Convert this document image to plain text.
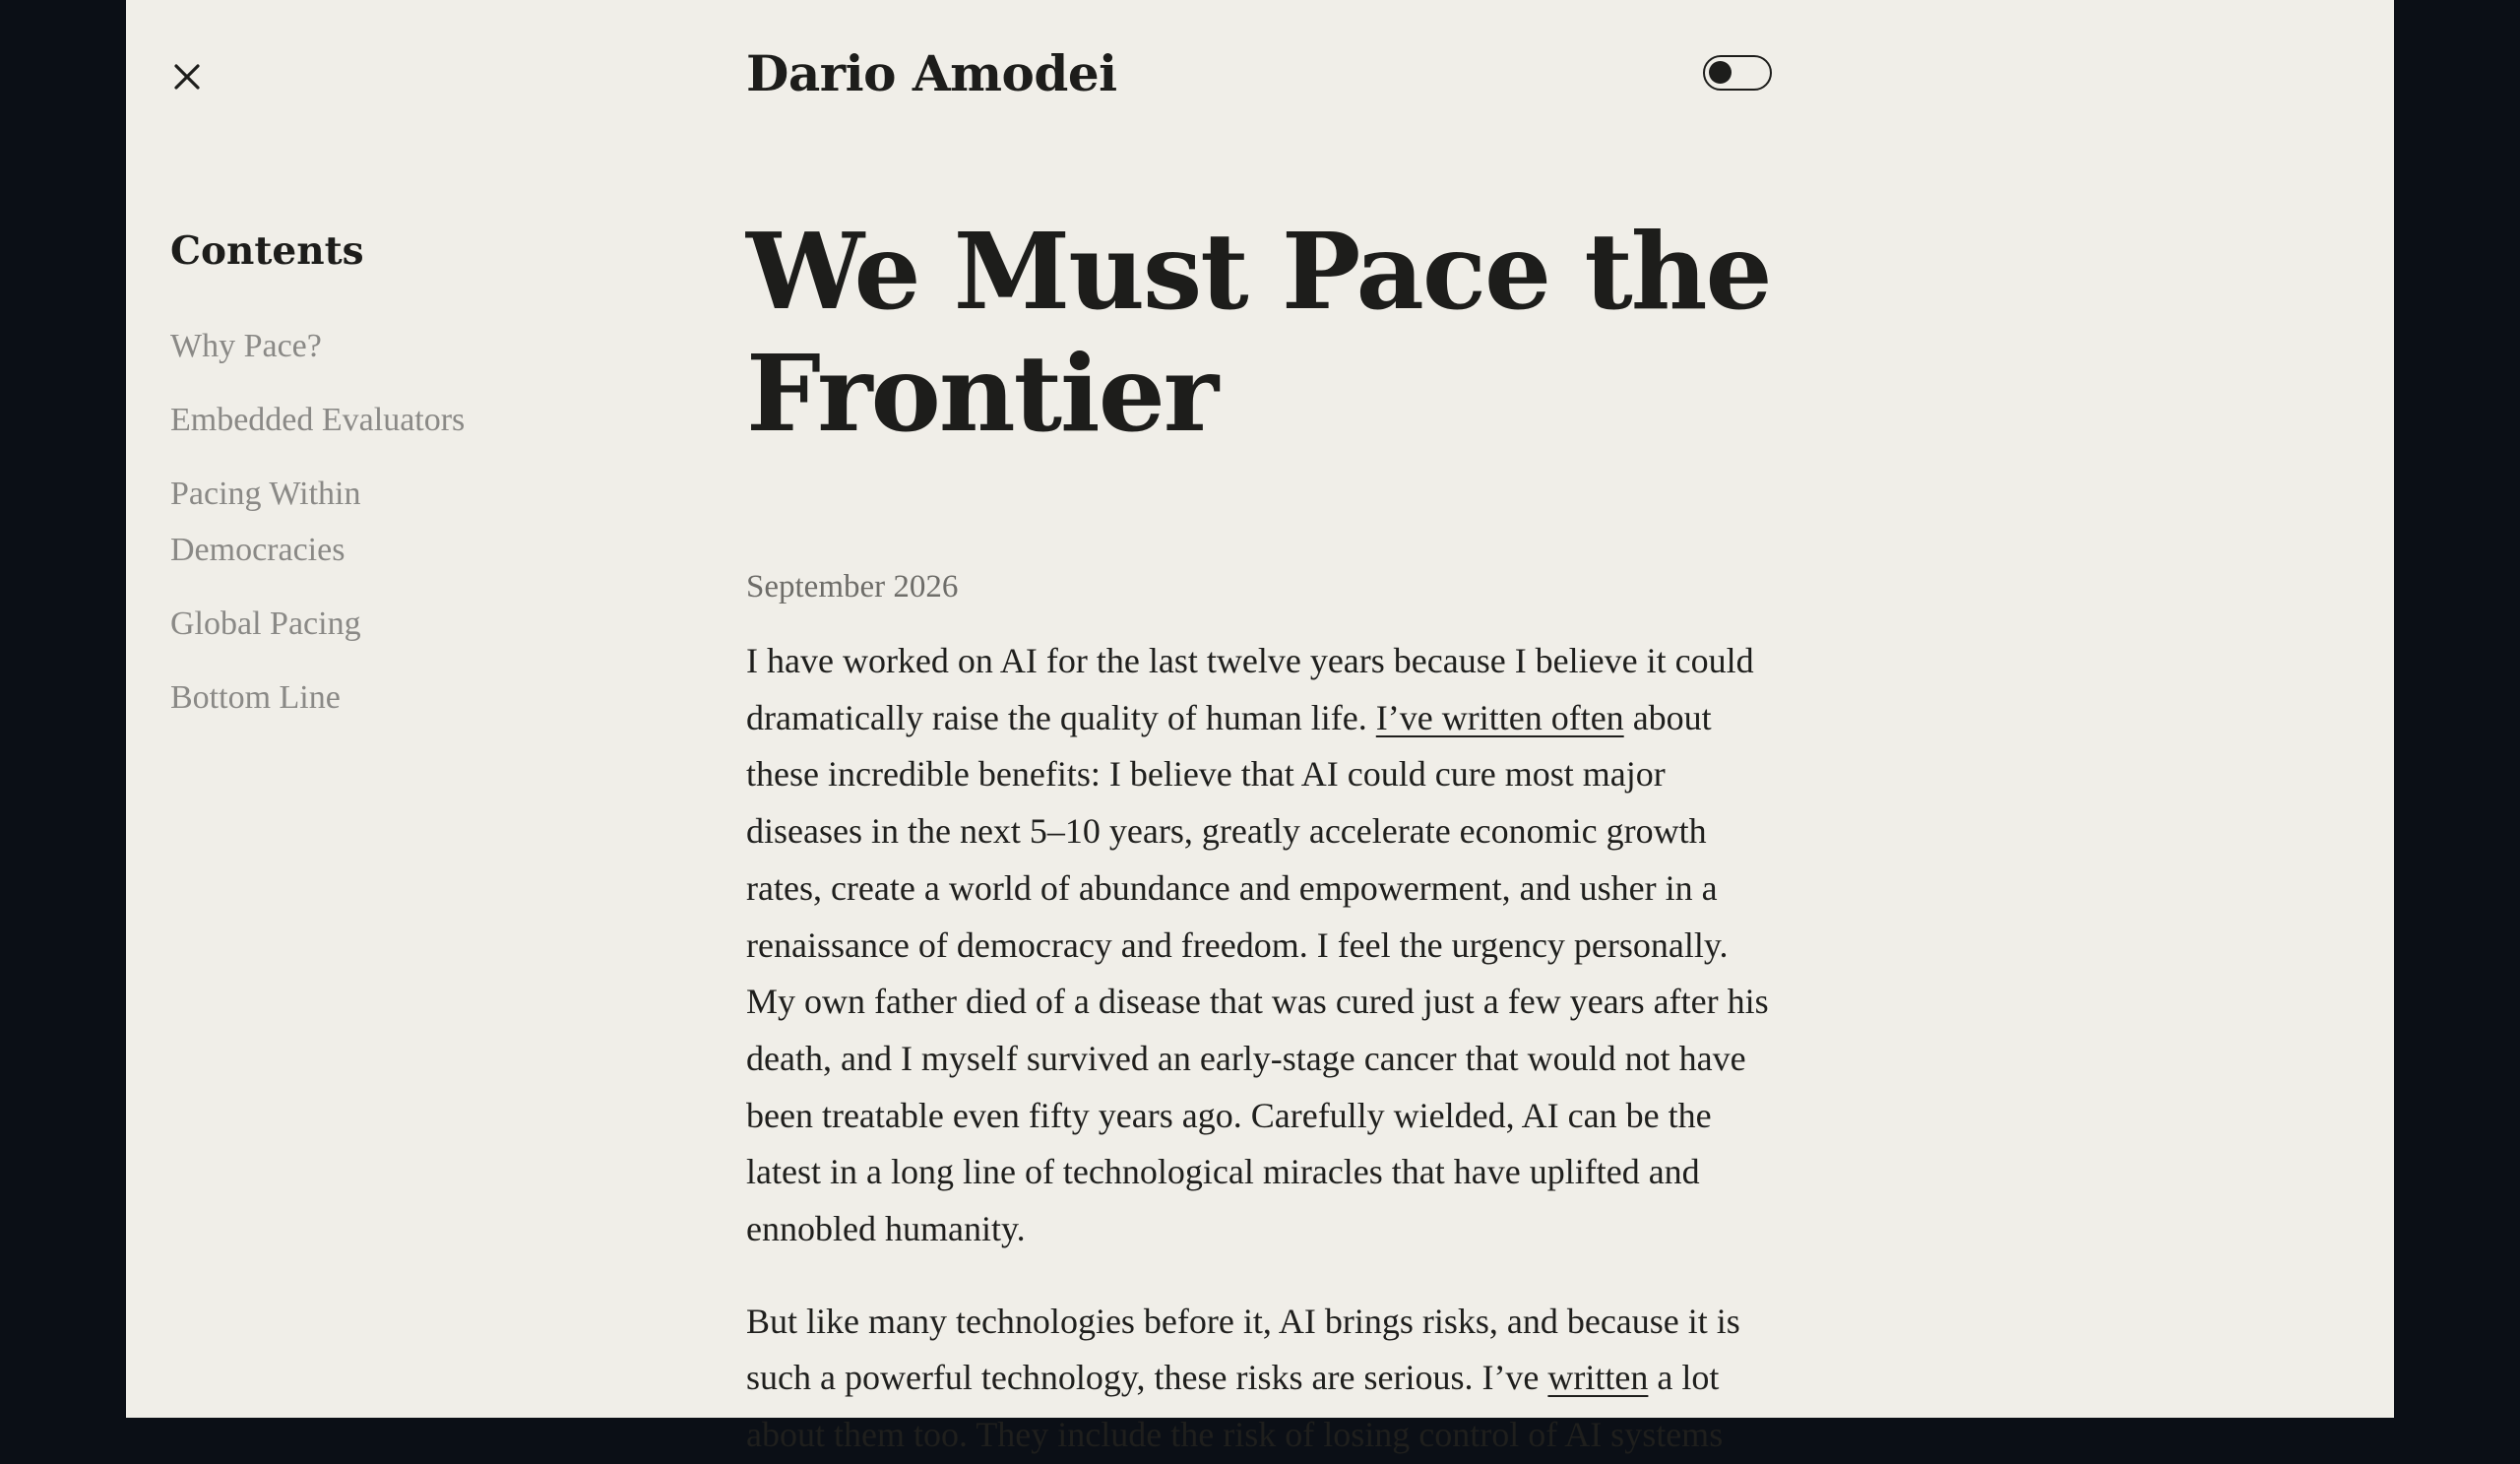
Dario Amodei
Contents
Why Pace?
Embedded Evaluators
Pacing Within Democracies
Global Pacing
Bottom Line
We Must Pace the Frontier

September 2026

I have worked on AI for the last twelve years because I believe it could dramatically raise the quality of human life. I’ve written often about these incredible benefits: I believe that AI could cure most major diseases in the next 5–10 years, greatly accelerate economic growth rates, create a world of abundance and empowerment, and usher in a renaissance of democracy and freedom. I feel the urgency personally. My own father died of a disease that was cured just a few years after his death, and I myself survived an early-stage cancer that would not have been treatable even fifty years ago. Carefully wielded, AI can be the latest in a long line of technological miracles that have uplifted and ennobled humanity.

But like many technologies before it, AI brings risks, and because it is such a powerful technology, these risks are serious. I’ve written a lot about them too. They include the risk of losing control of AI systems
